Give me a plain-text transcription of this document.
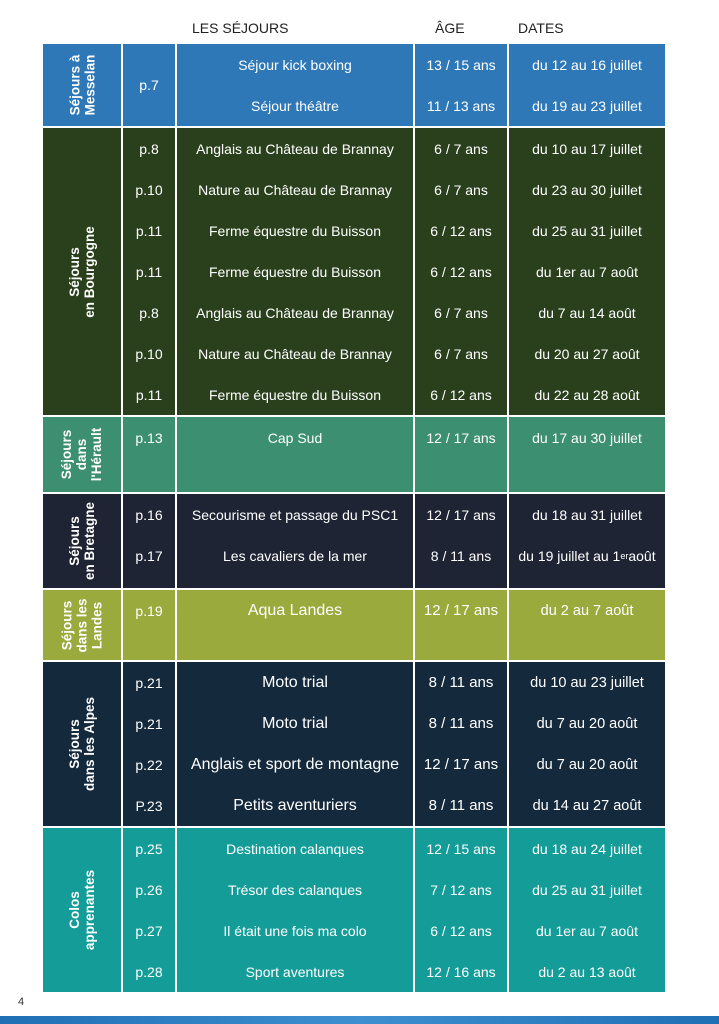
LES SÉJOURS	ÂGE	DATES
Séjours à
Messelan	p.7
Séjour kick boxing	13 / 15 ans	du 12 au 16 juillet
Séjour théâtre	11 / 13 ans	du 19 au 23 juillet
Séjours
en Bourgogne
p.8	Anglais au Château de Brannay	6 / 7 ans	du 10 au 17 juillet
p.10	Nature au Château de Brannay	6 / 7 ans	du 23 au 30 juillet
p.11	Ferme équestre du Buisson	6 / 12 ans	du 25 au 31 juillet
p.11	Ferme équestre du Buisson	6 / 12 ans	du 1er au 7 août
p.8	Anglais au Château de Brannay	6 / 7 ans	du 7 au 14 août
p.10	Nature au Château de Brannay	6 / 7 ans	du 20 au 27 août
p.11	Ferme équestre du Buisson	6 / 12 ans	du 22 au 28 août
Séjours
dans
l'Hérault	p.13	Cap Sud	12 / 17 ans	du 17 au 30 juillet
Séjours
en Bretagne	p.16	Secourisme et passage du PSC1	12 / 17 ans	du 18 au 31 juillet
p.17	Les cavaliers de la mer	8 / 11 ans	du 19 juillet au 1 er août
Séjours
dans les
Landes	p.19	Aqua Landes	12 / 17 ans	du 2 au 7 août
Séjours
dans les Alpes
p.21	Moto trial	8 / 11 ans	du 10 au 23 juillet
p.21	Moto trial	8 / 11 ans	du 7 au 20 août
p.22	Anglais et sport de montagne	12 / 17 ans	du 7 au 20 août
P.23	Petits aventuriers	8 / 11 ans	du 14 au 27 août
Colos
apprenantes
p.25	Destination calanques	12 / 15 ans	du 18 au 24 juillet
p.26	Trésor des calanques	7 / 12 ans	du 25 au 31 juillet
p.27	Il était une fois ma colo	6 / 12 ans	du 1er au 7 août
p.28	Sport aventures	12 / 16 ans	du 2 au 13 août
4
